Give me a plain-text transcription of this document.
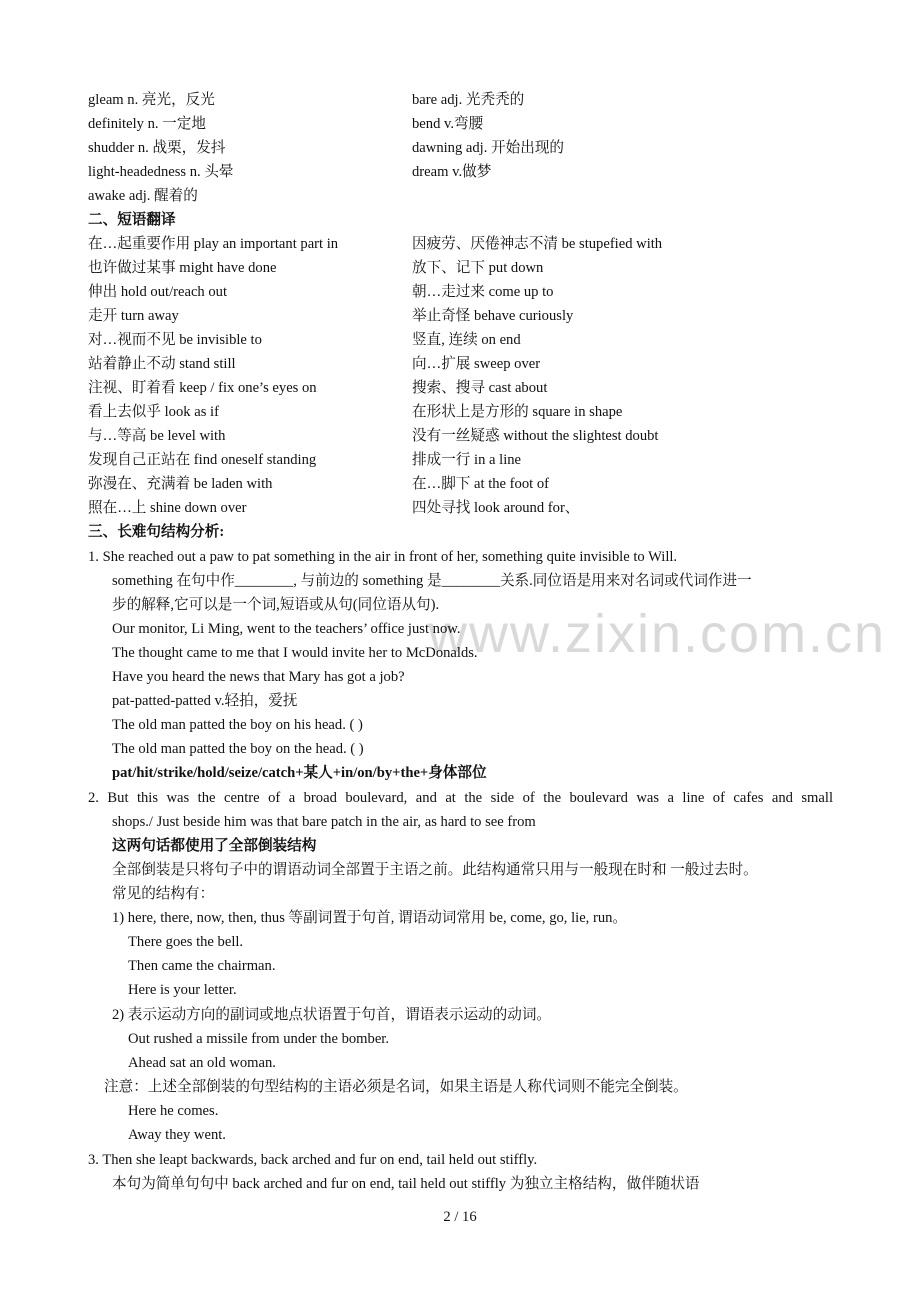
www.zixin.com.cn
gleam n. 亮光，反光	bare adj. 光秃秃的
definitely n. 一定地	bend v.弯腰
shudder n. 战栗，发抖	dawning adj. 开始出现的
light-headedness n. 头晕	dream v.做梦
awake adj. 醒着的
二、短语翻译
在…起重要作用 play an important part in	因疲劳、厌倦神志不清 be stupefied with
也许做过某事 might have done	放下、记下 put down
伸出 hold out/reach out	朝…走过来 come up to
走开 turn away	举止奇怪 behave curiously
对…视而不见 be invisible to	竖直, 连续 on end
站着静止不动 stand still	向…扩展 sweep over
注视、盯着看 keep / fix one’s eyes on	搜索、搜寻 cast about
看上去似乎 look as if	在形状上是方形的 square in shape
与…等高 be level with	没有一丝疑惑 without the slightest doubt
发现自己正站在 find oneself standing	排成一行 in a line
弥漫在、充满着 be laden with	在…脚下 at the foot of
照在…上 shine down over	四处寻找 look around for、
三、长难句结构分析:
1. She reached out a paw to pat something in the air in front of her, something quite invisible to Will.
something 在句中作________, 与前边的 something 是________关系.同位语是用来对名词或代词作进一
步的解释,它可以是一个词,短语或从句(同位语从句).
Our monitor, Li Ming, went to the teachers’ office just now.
The thought came to me that I would invite her to McDonalds.
Have you heard the news that Mary has got a job?
pat-patted-patted v.轻拍，爱抚
The old man patted the boy on his head. ( )
The old man patted the boy on the head. ( )
pat/hit/strike/hold/seize/catch+某人+in/on/by+the+身体部位
2. But this was the centre of a broad boulevard, and at the side of the boulevard was a line of cafes and small
shops./ Just beside him was that bare patch in the air, as hard to see from
这两句话都使用了全部倒装结构
全部倒装是只将句子中的谓语动词全部置于主语之前。此结构通常只用与一般现在时和 一般过去时。
常见的结构有：
1) here, there, now, then, thus 等副词置于句首, 谓语动词常用 be, come, go, lie, run。
There goes the bell.
Then came the chairman.
Here is your letter.
2) 表示运动方向的副词或地点状语置于句首，谓语表示运动的动词。
Out rushed a missile from under the bomber.
Ahead sat an old woman.
注意：上述全部倒装的句型结构的主语必须是名词，如果主语是人称代词则不能完全倒装。
Here he comes.
Away they went.
3. Then she leapt backwards, back arched and fur on end, tail held out stiffly.
本句为简单句句中 back arched and fur on end, tail held out stiffly 为独立主格结构，做伴随状语
2 / 16
